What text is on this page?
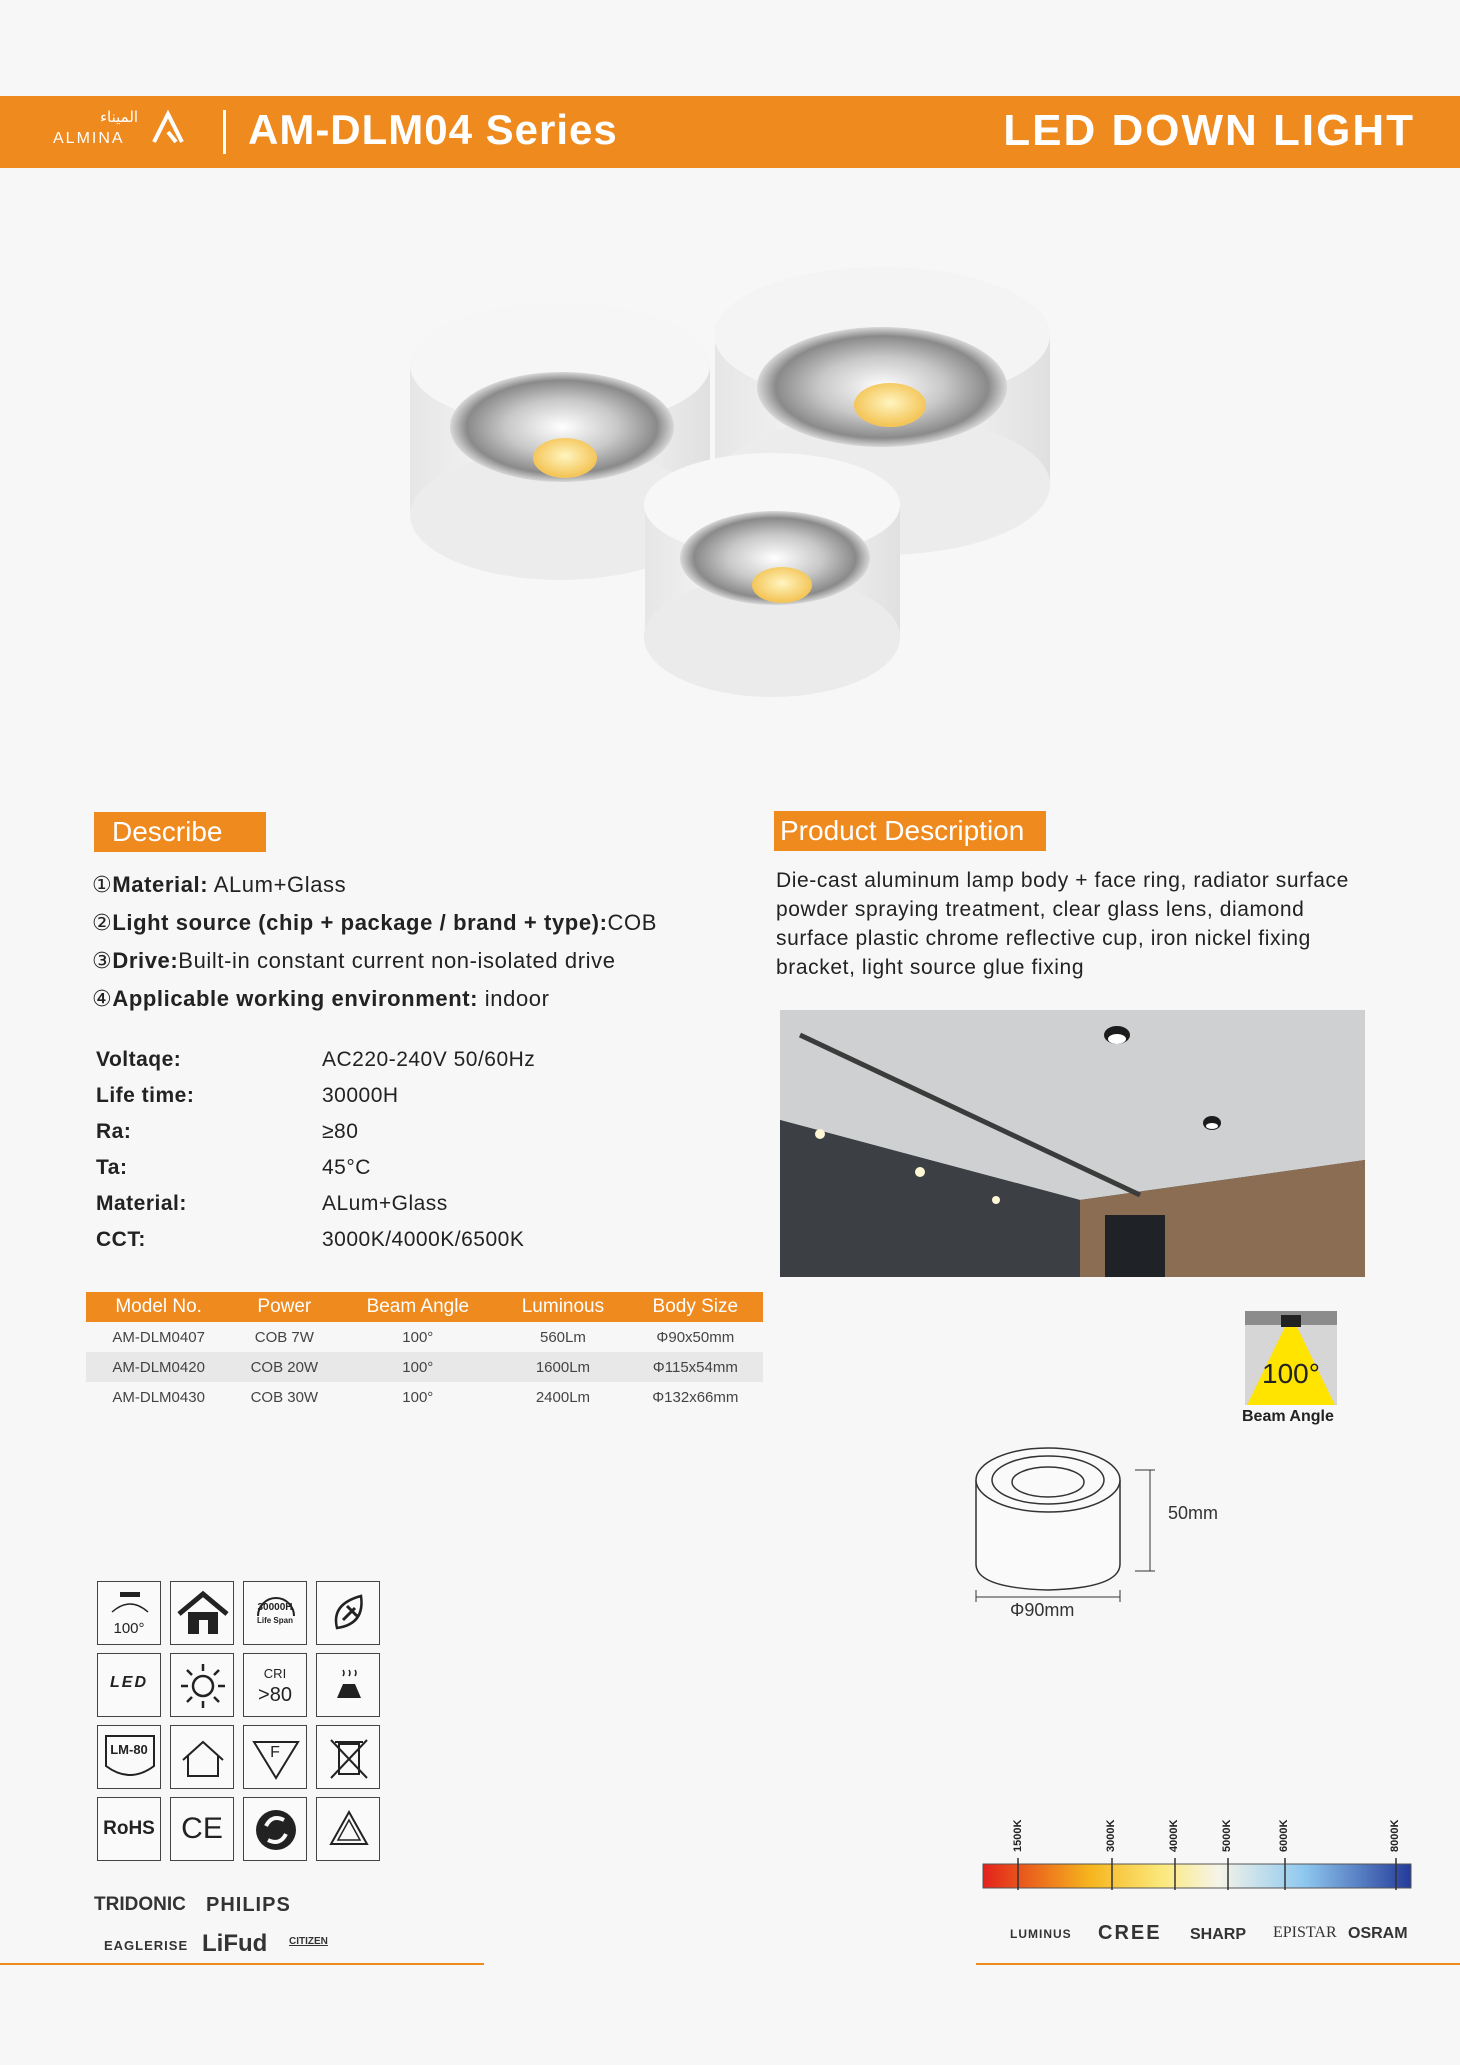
الميناء
ALMINA	AM-DLM04 Series	LED DOWN LIGHT
Describe
①Material: ALum+Glass
②Light source (chip + package / brand + type):COB
③Drive:Built-in constant current non-isolated drive
④Applicable working environment: indoor
Voltaqe:	AC220-240V 50/60Hz
Life time:	30000H
Ra:	≥80
Ta:	45°C
Material:	ALum+Glass
CCT:	3000K/4000K/6500K
Product Description
Die-cast aluminum lamp body + face ring, radiator surface powder spraying treatment, clear glass lens, diamond surface plastic chrome reflective cup, iron nickel fixing bracket, light source glue fixing
Model No.	Power	Beam Angle	Luminous	Body Size
AM-DLM0407	COB 7W	100°	560Lm	Φ90x50mm
AM-DLM0420	COB 20W	100°	1600Lm	Φ115x54mm
AM-DLM0430	COB 30W	100°	2400Lm	Φ132x66mm
100°
Beam Angle
50mm
Φ90mm
100°
30000H
Life Span
LED
CRI
>80
LM-80	F
RoHS CE
TRIDONIC PHILIPS
EAGLERISE LiFud CITIZEN
1500K	3000K	4000K	5000K	6000K	8000K
LUMINUS CREE SHARP EPISTAR OSRAM
